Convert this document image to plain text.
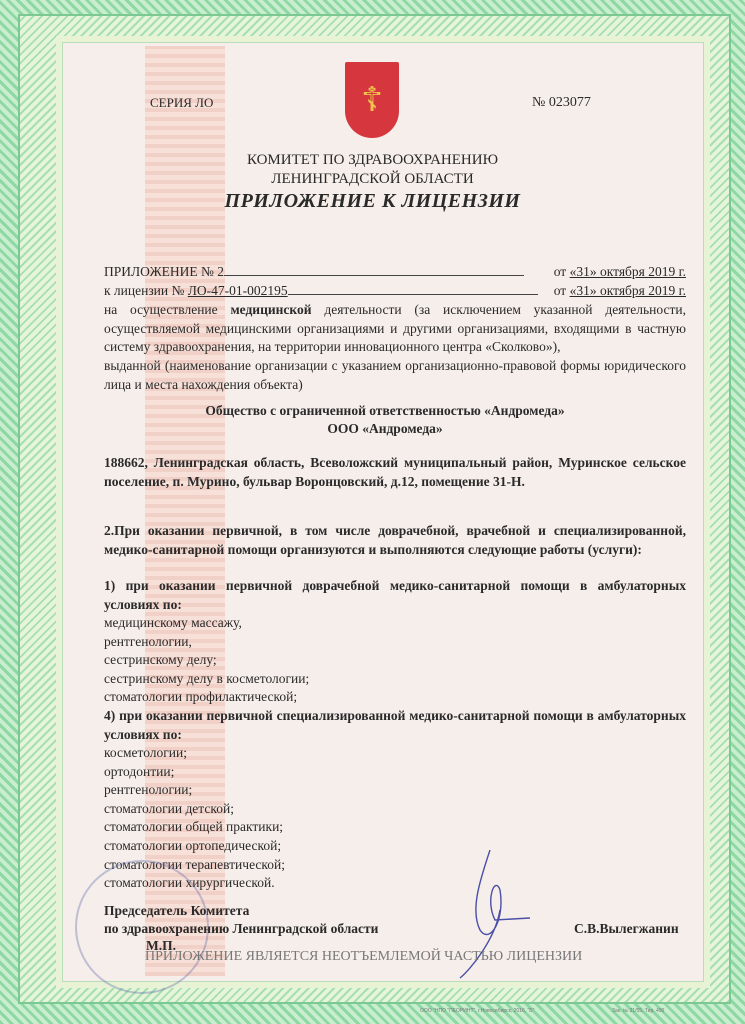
☦
СЕРИЯ ЛО	№ 023077
КОМИТЕТ ПО ЗДРАВООХРАНЕНИЮ
ЛЕНИНГРАДСКОЙ ОБЛАСТИ
ПРИЛОЖЕНИЕ К ЛИЦЕНЗИИ
ПРИЛОЖЕНИЕ № 2	от «31» октября 2019 г.
к лицензии № ЛО-47-01-002195	от «31» октября 2019 г.
на осуществление медицинской деятельности (за исключением указанной деятельности, осуществляемой медицинскими организациями и другими организациями, входящими в частную систему здравоохранения, на территории инновационного центра «Сколково»),
выданной (наименование организации с указанием организационно-правовой формы юридического лица и места нахождения объекта)
Общество с ограниченной ответственностью «Андромеда»
ООО «Андромеда»
188662, Ленинградская область, Всеволожский муниципальный район, Муринское сельское поселение, п. Мурино, бульвар Воронцовский, д.12, помещение 31-Н.
2.При оказании первичной, в том числе доврачебной, врачебной и специализированной, медико-санитарной помощи организуются и выполняются следующие работы (услуги):
1) при оказании первичной доврачебной медико-санитарной помощи в амбулаторных условиях по:
медицинскому массажу,
рентгенологии,
сестринскому делу;
сестринскому делу в косметологии;
стоматологии профилактической;
4) при оказании первичной специализированной медико-санитарной помощи в амбулаторных условиях по:
косметологии;
ортодонтии;
рентгенологии;
стоматологии детской;
стоматологии общей практики;
стоматологии ортопедической;
стоматологии терапевтической;
стоматологии хирургической.
Председатель Комитета
по здравоохранению Ленинградской области	С.В.Вылегжанин
М.П.
ПРИЛОЖЕНИЕ ЯВЛЯЕТСЯ НЕОТЪЕМЛЕМОЙ ЧАСТЬЮ ЛИЦЕНЗИИ
ООО "НПО "ПЕОРИНТ", г.Новосибирск, 2016, "Б"	Зак. № 31/55. Тир. 490
